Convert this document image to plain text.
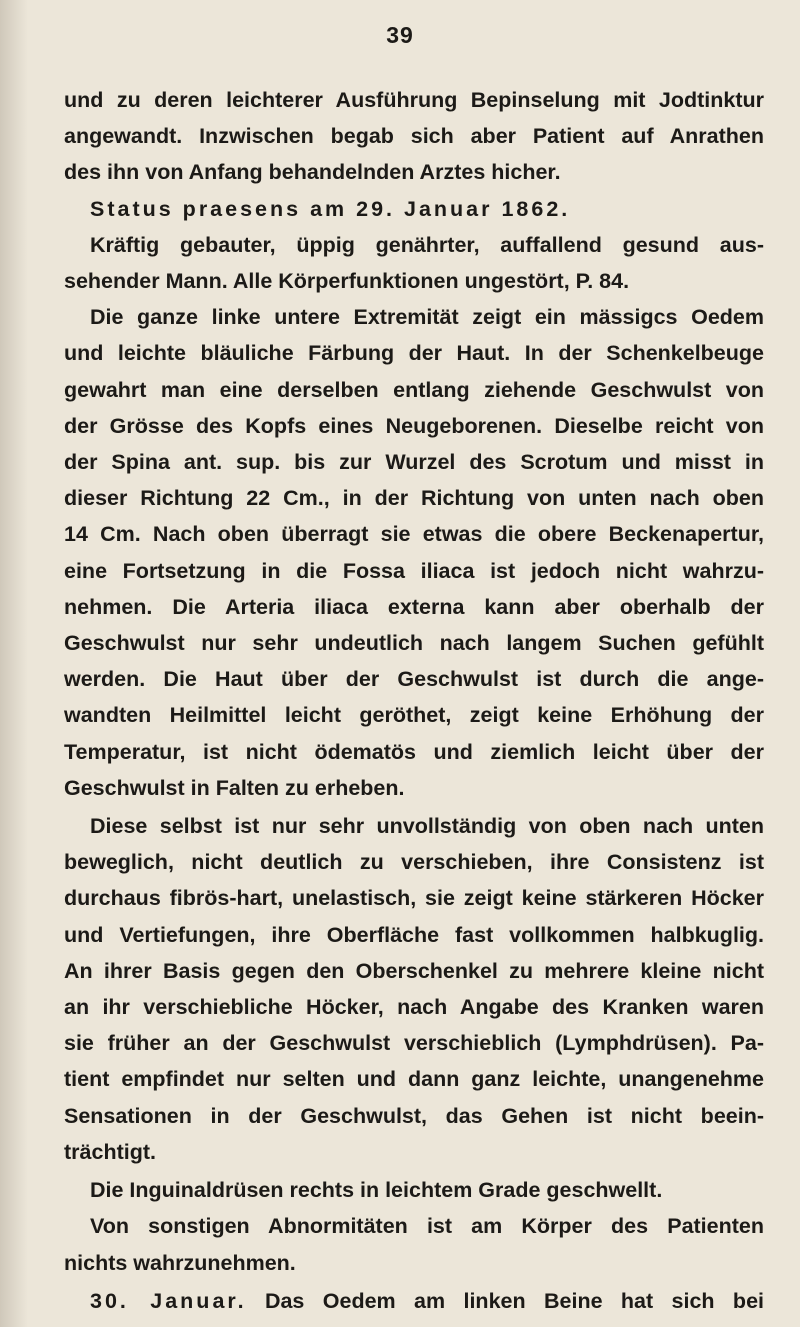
39
und zu deren leichterer Ausführung Bepinselung mit Jodtinktur
angewandt. Inzwischen begab sich aber Patient auf Anrathen
des ihn von Anfang behandelnden Arztes hicher.
Status praesens am 29. Januar 1862.
Kräftig gebauter, üppig genährter, auffallend gesund aus-
sehender Mann. Alle Körperfunktionen ungestört, P. 84.
Die ganze linke untere Extremität zeigt ein mässigcs Oedem
und leichte bläuliche Färbung der Haut. In der Schenkelbeuge
gewahrt man eine derselben entlang ziehende Geschwulst von
der Grösse des Kopfs eines Neugeborenen. Dieselbe reicht von
der Spina ant. sup. bis zur Wurzel des Scrotum und misst in
dieser Richtung 22 Cm., in der Richtung von unten nach oben
14 Cm. Nach oben überragt sie etwas die obere Beckenapertur,
eine Fortsetzung in die Fossa iliaca ist jedoch nicht wahrzu-
nehmen. Die Arteria iliaca externa kann aber oberhalb der
Geschwulst nur sehr undeutlich nach langem Suchen gefühlt
werden. Die Haut über der Geschwulst ist durch die ange-
wandten Heilmittel leicht geröthet, zeigt keine Erhöhung der
Temperatur, ist nicht ödematös und ziemlich leicht über der
Geschwulst in Falten zu erheben.
Diese selbst ist nur sehr unvollständig von oben nach unten
beweglich, nicht deutlich zu verschieben, ihre Consistenz ist
durchaus fibrös-hart, unelastisch, sie zeigt keine stärkeren Höcker
und Vertiefungen, ihre Oberfläche fast vollkommen halbkuglig.
An ihrer Basis gegen den Oberschenkel zu mehrere kleine nicht
an ihr verschiebliche Höcker, nach Angabe des Kranken waren
sie früher an der Geschwulst verschieblich (Lymphdrüsen). Pa-
tient empfindet nur selten und dann ganz leichte, unangenehme
Sensationen in der Geschwulst, das Gehen ist nicht beein-
trächtigt.
Die Inguinaldrüsen rechts in leichtem Grade geschwellt.
Von sonstigen Abnormitäten ist am Körper des Patienten
nichts wahrzunehmen.
30. Januar. Das Oedem am linken Beine hat sich bei
